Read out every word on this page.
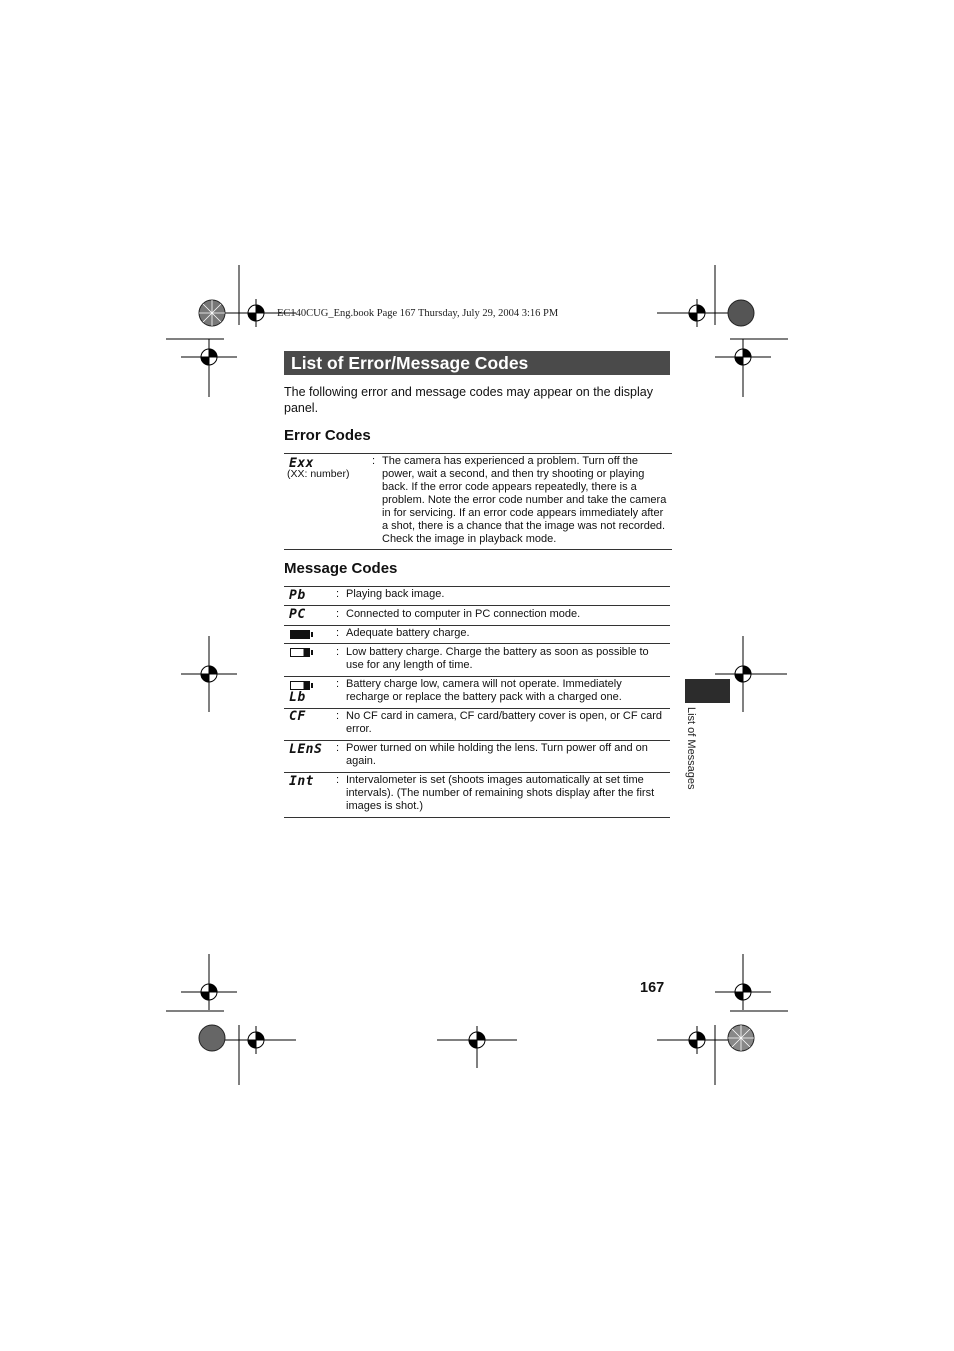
EC140CUG_Eng.book Page 167 Thursday, July 29, 2004 3:16 PM
List of Error/Message Codes
The following error and message codes may appear on the display panel.
Error Codes
Exx
(XX: number)
: The camera has experienced a problem. Turn off the power, wait a second, and then try shooting or playing back. If the error code appears repeatedly, there is a problem. Note the error code number and take the camera in for servicing. If an error code appears immediately after a shot, there is a chance that the image was not recorded. Check the image in playback mode.
Message Codes
Pb	: Playing back image.
PC	: Connected to computer in PC connection mode.
: Adequate battery charge.
: Low battery charge. Charge the battery as soon as possible to use for any length of time.
Lb
: Battery charge low, camera will not operate. Immediately recharge or replace the battery pack with a charged one.
CF	: No CF card in camera, CF card/battery cover is open, or CF card error.
LEnS : Power turned on while holding the lens. Turn power off and on again.
Int : Intervalometer is set (shoots images automatically at set time intervals). (The number of remaining shots display after the first images is shot.)
List of Messages
167
